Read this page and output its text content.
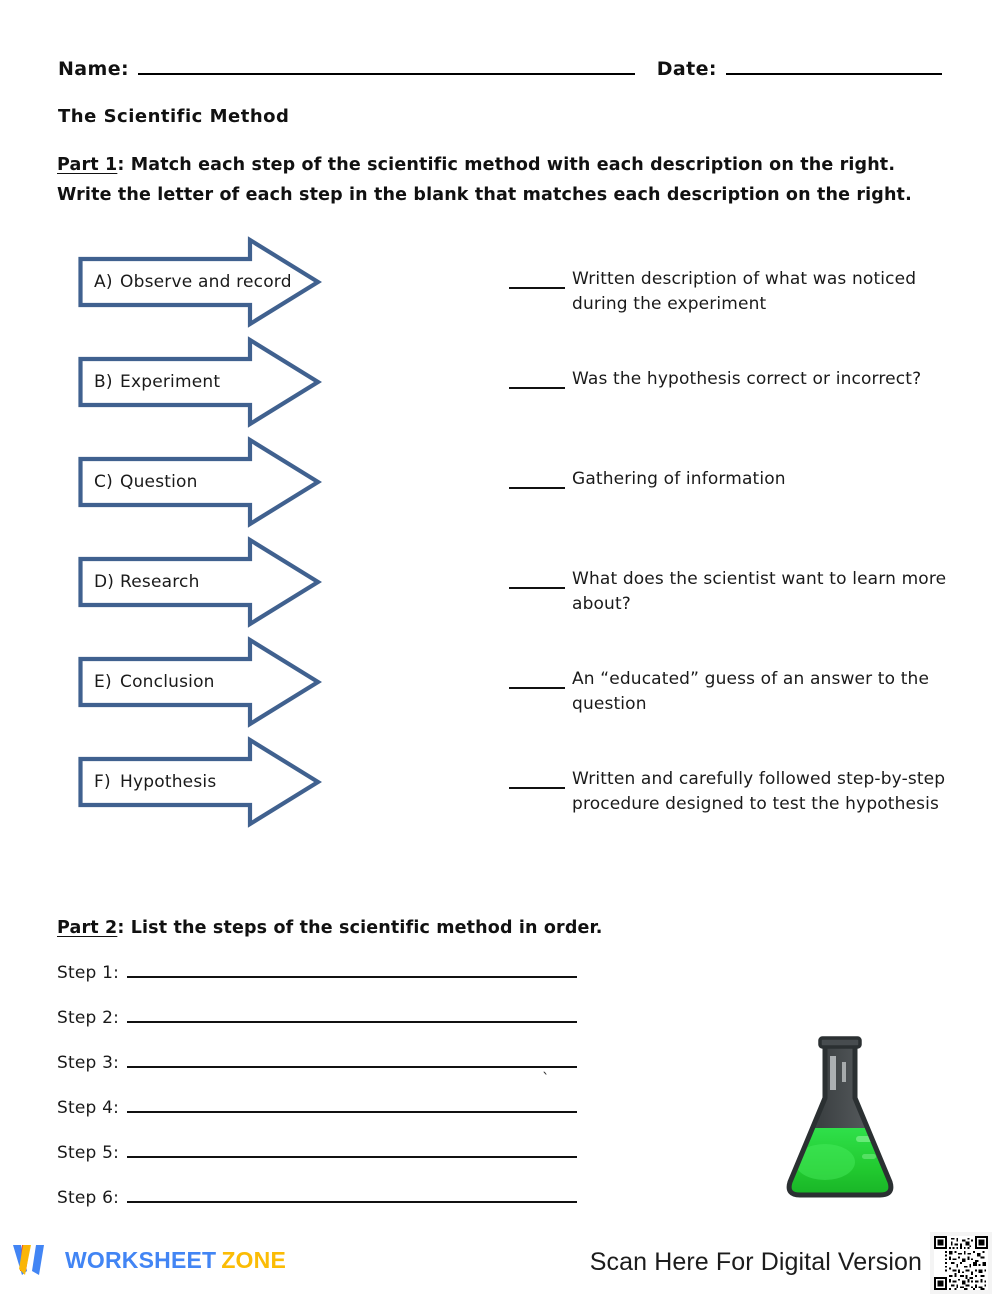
Name:	Date:
The Scientific Method
Part 1: Match each step of the scientific method with each description on the right. Write the letter of each step in the blank that matches each description on the right.
A) Observe and record	Written description of what was noticed during the experiment
B) Experiment	Was the hypothesis correct or incorrect?
C) Question	Gathering of information
D) Research	What does the scientist want to learn more about?
E) Conclusion	An “educated” guess of an answer to the question
F) Hypothesis	Written and carefully followed step-by-step procedure designed to test the hypothesis
Part 2: List the steps of the scientific method in order.
Step 1:
Step 2:
Step 3:
Step 4:
Step 5:
Step 6:
`
WORKSHEET ZONE	Scan Here For Digital Version
